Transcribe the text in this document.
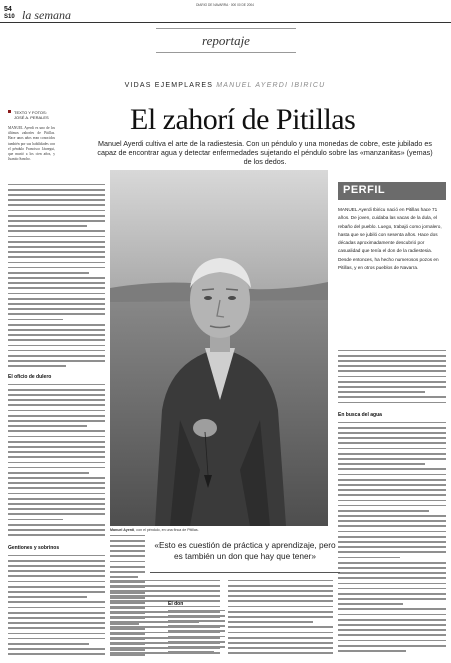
54
S10 la semana
DIARIO DE NAVARRA · 000 00 DE 2004
reportaje
VIDAS EJEMPLARES MANUEL AYERDI IBIRICU
TEXTO Y FOTOS:
JOSÉ A. PERALES	El zahorí de Pitillas
Manuel Ayerdi cultiva el arte de la radiestesia. Con un péndulo y una monedas de cobre, este jubilado es capaz de encontrar agua y detectar enfermedades sujetando el péndulo sobre las «manzanitas» (yemas) de los dedos.
MANUEL Ayerdi es uno de los últimos zahoríes de Pitillas. Hace unos años eran conocidos también por sus habilidades con el péndulo Francisco Jáuregui, que murió a los cien años, y Juanito Sancho.
El oficio de dulero
Gentiones y sobrinos
Manuel Ayerdi, con el péndulo, en una finca de Pitillas.
PERFIL
MANUEL Ayerdi Ibiricu nació en Pitillas hace 71 años. De joven, cuidaba las vacas de la dula, el rebaño del pueblo. Luego, trabajó como jornalero, hasta que se jubiló con sesenta años. Hace dos décadas aproximadamente descubrió por casualidad que tenía el don de la radiestesia. Desde entonces, ha hecho numerosos pozos en Pitillas, y en otros pueblos de Navarra.
En busca del agua
«Esto es cuestión de práctica y aprendizaje, pero es también un don que hay que tener»
El don
